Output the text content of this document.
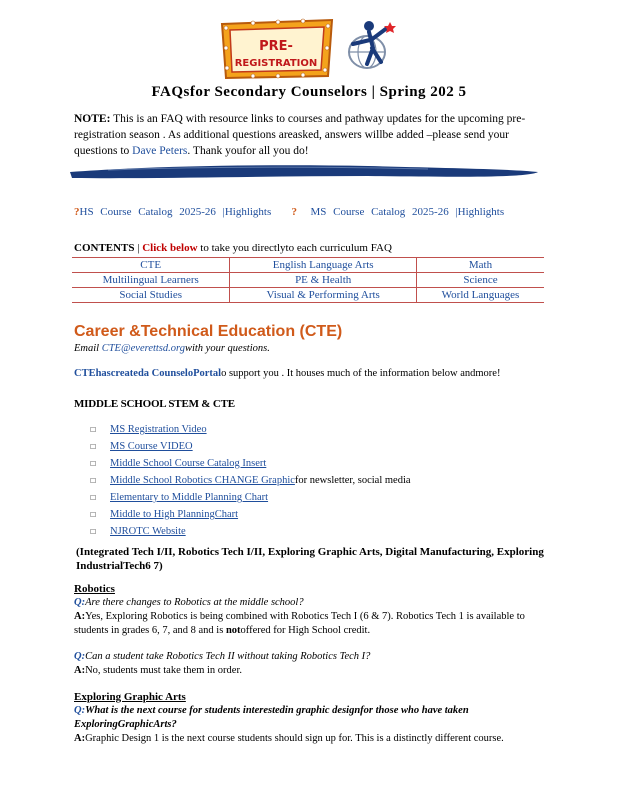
PRE-
REGISTRATION
FAQsfor Secondary Counselors | Spring 202 5
NOTE: This is an FAQ with resource links to courses and pathway updates for the upcoming pre-registration season . As additional questions areasked, answers willbe added –please send your questions to Dave Peters. Thank youfor all you do!
?HS Course Catalog 2025-26 |Highlights ? MS Course Catalog 2025-26 |Highlights
CONTENTS | Click below to take you directlyto each curriculum FAQ
CTE	English Language Arts	Math
Multilingual Learners	PE & Health	Science
Social Studies	Visual & Performing Arts	World Languages
Career &Technical Education (CTE)
Email CTE@everettsd.orgwith your questions.
CTEhascreateda CounseloPortalo support you . It houses much of the information below andmore!
MIDDLE SCHOOL STEM & CTE
☐	MS Registration Video
☐	MS Course VIDEO
☐	Middle School Course Catalog Insert
☐	Middle School Robotics CHANGE Graphic for newsletter, social media
☐	Elementary to Middle Planning Chart
☐	Middle to High PlanningChart
☐	NJROTC Website
(Integrated Tech I/II, Robotics Tech I/II, Exploring Graphic Arts, Digital Manufacturing, Exploring IndustrialTech6 7)
Robotics
Q:Are there changes to Robotics at the middle school?
A:Yes, Exploring Robotics is being combined with Robotics Tech I (6 & 7). Robotics Tech 1 is available to students in grades 6, 7, and 8 and is notoffered for High School credit.
Q:Can a student take Robotics Tech II without taking Robotics Tech I?
A:No, students must take them in order.
Exploring Graphic Arts
Q:What is the next course for students interestedin graphic designfor those who have taken ExploringGraphicArts?
A:Graphic Design 1 is the next course students should sign up for. This is a distinctly different course.
